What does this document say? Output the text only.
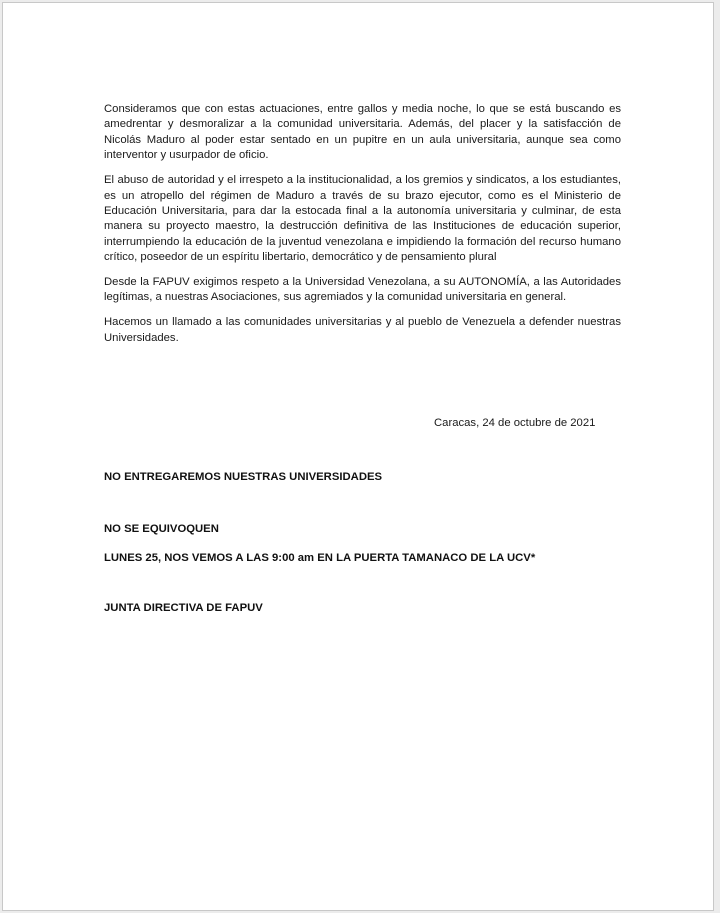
Consideramos que con estas actuaciones, entre gallos y media noche, lo que se está buscando es amedrentar y desmoralizar a la comunidad universitaria. Además, del placer y la satisfacción de Nicolás Maduro al poder estar sentado en un pupitre en un aula universitaria, aunque sea como interventor y usurpador de oficio.

El abuso de autoridad y el irrespeto a la institucionalidad, a los gremios y sindicatos, a los estudiantes, es un atropello del régimen de Maduro a través de su brazo ejecutor, como es el Ministerio de Educación Universitaria, para dar la estocada final a la autonomía universitaria y culminar, de esta manera su proyecto maestro, la destrucción definitiva de las Instituciones de educación superior, interrumpiendo la educación de la juventud venezolana e impidiendo la formación del recurso humano crítico, poseedor de un espíritu libertario, democrático y de pensamiento plural

Desde la FAPUV exigimos respeto a la Universidad Venezolana, a su AUTONOMÍA, a las Autoridades legítimas, a nuestras Asociaciones, sus agremiados y la comunidad universitaria en general.

Hacemos un llamado a las comunidades universitarias y al pueblo de Venezuela a defender nuestras Universidades.

Caracas, 24 de octubre de 2021
NO ENTREGAREMOS NUESTRAS UNIVERSIDADES
NO SE EQUIVOQUEN
LUNES 25, NOS VEMOS A LAS 9:00 am EN LA PUERTA TAMANACO DE LA UCV*
JUNTA DIRECTIVA DE FAPUV
